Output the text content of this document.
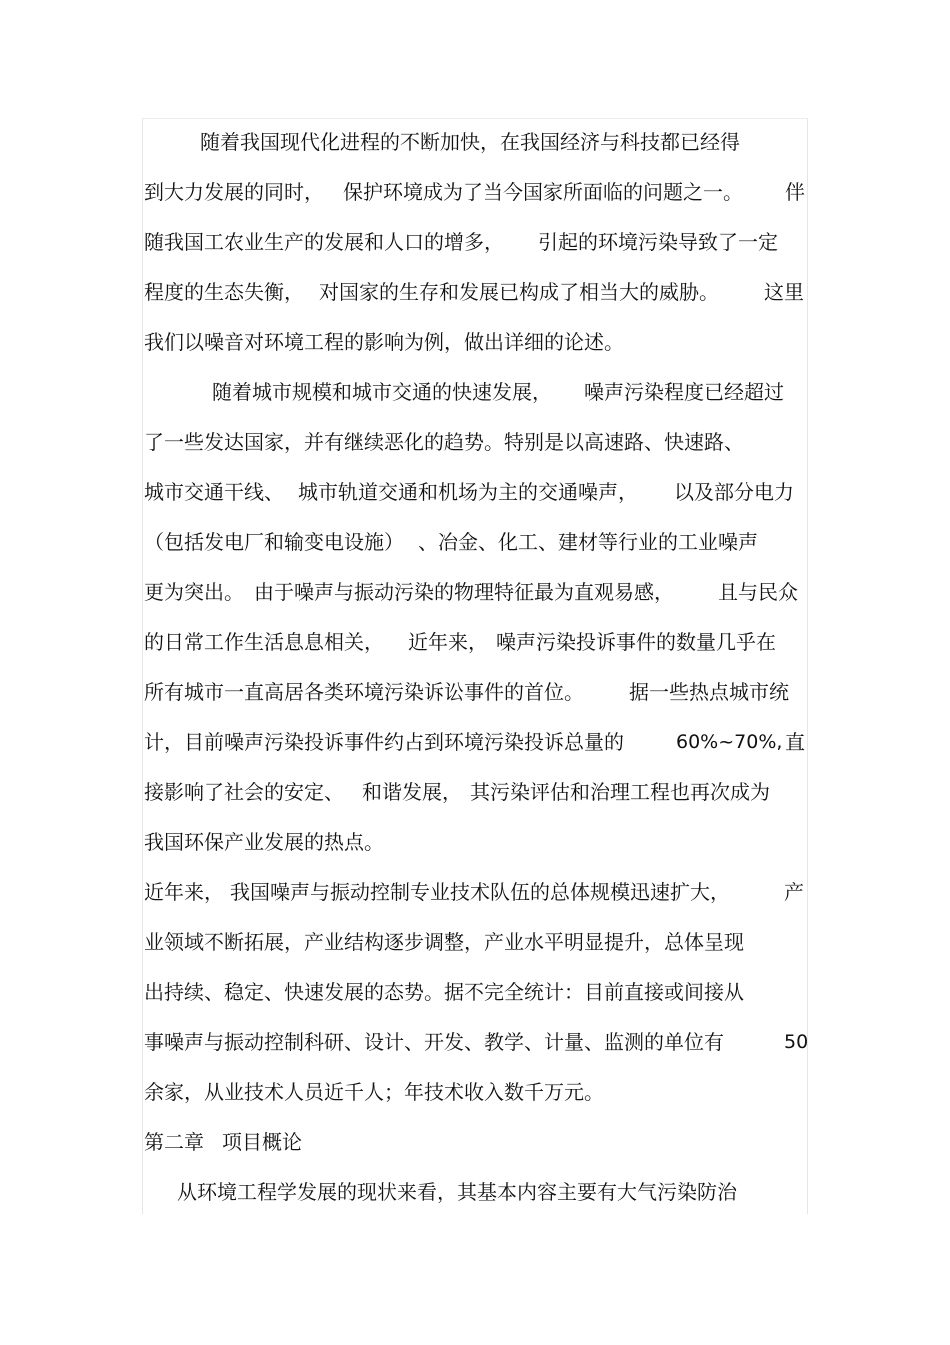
随着我国现代化进程的不断加快，在我国经济与科技都已经得
到大力发展的同时， 保护环境成为了当今国家所面临的问题之一。 伴
随我国工农业生产的发展和人口的增多， 引起的环境污染导致了一定
程度的生态失衡， 对国家的生存和发展已构成了相当大的威胁。 这里
我们以噪音对环境工程的影响为例，做出详细的论述。
随着城市规模和城市交通的快速发展， 噪声污染程度已经超过
了一些发达国家，并有继续恶化的趋势。特别是以高速路、快速路、
城市交通干线、 城市轨道交通和机场为主的交通噪声， 以及部分电力
（包括发电厂和输变电设施） 、冶金、化工、建材等行业的工业噪声
更为突出。 由于噪声与振动污染的物理特征最为直观易感， 且与民众
的日常工作生活息息相关， 近年来， 噪声污染投诉事件的数量几乎在
所有城市一直高居各类环境污染诉讼事件的首位。 据一些热点城市统
计，目前噪声污染投诉事件约占到环境污染投诉总量的	60%~70%, 直
接影响了社会的安定、 和谐发展， 其污染评估和治理工程也再次成为
我国环保产业发展的热点。
近年来， 我国噪声与振动控制专业技术队伍的总体规模迅速扩大，	产
业领域不断拓展，产业结构逐步调整，产业水平明显提升，总体呈现
出持续、稳定、快速发展的态势。据不完全统计：目前直接或间接从
事噪声与振动控制科研、设计、开发、教学、计量、监测的单位有	50
余家，从业技术人员近千人；年技术收入数千万元。
第二章 项目概论
从环境工程学发展的现状来看，其基本内容主要有大气污染防治
